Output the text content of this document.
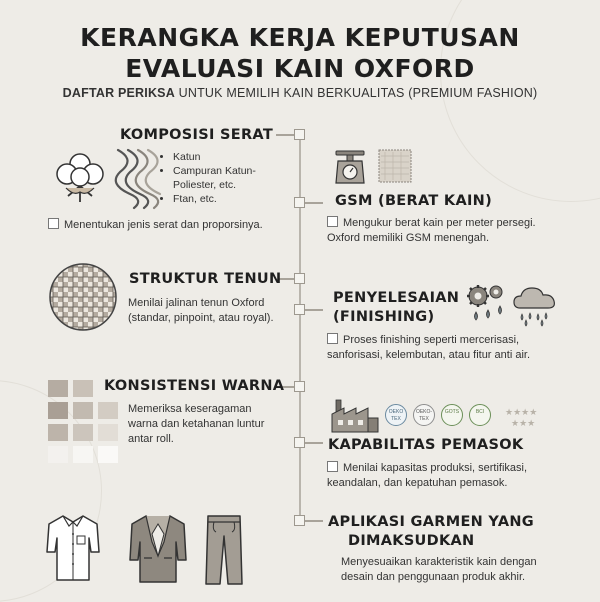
KERANGKA KERJA KEPUTUSAN
EVALUASI KAIN OXFORD
DAFTAR PERIKSA UNTUK MEMILIH KAIN BERKUALITAS (PREMIUM FASHION)
KOMPOSISI SERAT
• Katun
• Campuran Katun-Poliester, etc.
• Ftan, etc.
Menentukan jenis serat dan proporsinya.
GSM (BERAT KAIN)
Mengukur berat kain per meter persegi. Oxford memiliki GSM menengah.
STRUKTUR TENUN
Menilai jalinan tenun Oxford (standar, pinpoint, atau royal).
PENYELESAIAN
(FINISHING)
Proses finishing seperti mercerisasi, sanforisasi, kelembutan, atau fitur anti air.
KONSISTENSI WARNA
Memeriksa keseragaman warna dan ketahanan luntur antar roll.
OEKO TEX
OEKO-TEX
GOTS	BCI	★★★★
★★★
KAPABILITAS PEMASOK
Menilai kapasitas produksi, sertifikasi, keandalan, dan kepatuhan pemasok.
APLIKASI GARMEN YANG
DIMAKSUDKAN
Menyesuaikan karakteristik kain dengan desain dan penggunaan produk akhir.
